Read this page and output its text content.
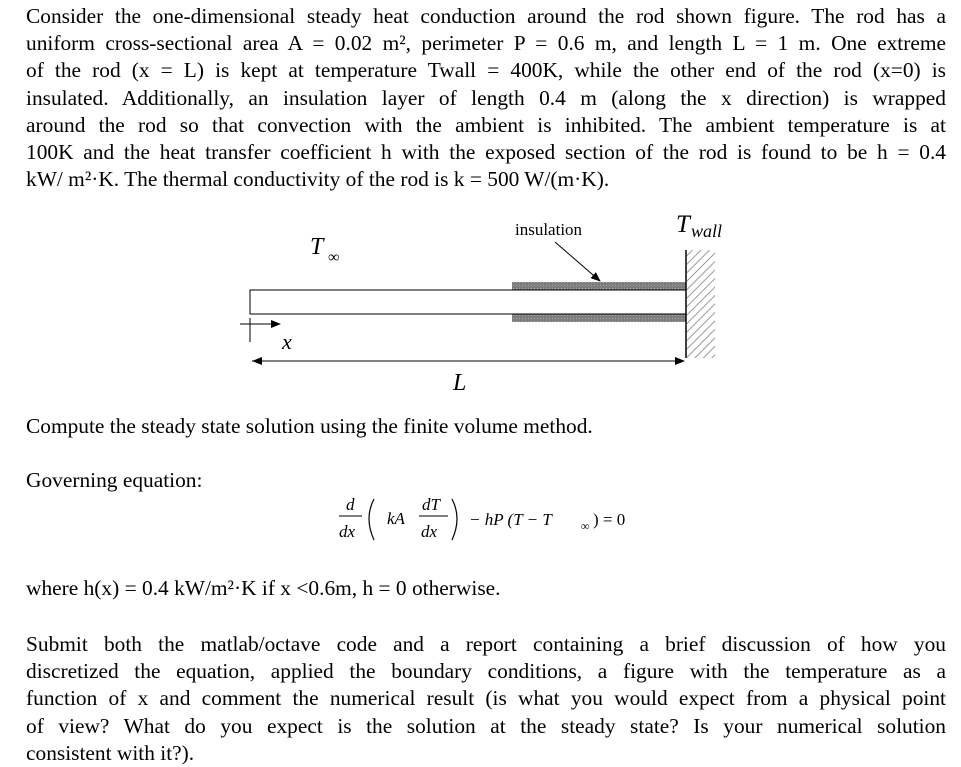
Consider the one-dimensional steady heat conduction around the rod shown figure. The rod has a
uniform cross-sectional area A = 0.02 m², perimeter P = 0.6 m, and length L = 1 m. One extreme
of the rod (x = L) is kept at temperature Twall = 400K, while the other end of the rod (x=0) is
insulated. Additionally, an insulation layer of length 0.4 m (along the x direction) is wrapped
around the rod so that convection with the ambient is inhibited. The ambient temperature is at
100K and the heat transfer coefficient h with the exposed section of the rod is found to be h = 0.4
kW/ m²·K. The thermal conductivity of the rod is k = 500 W/(m·K).
T ∞
insulation	T wall
x
L
Compute the steady state solution using the finite volume method.
Governing equation:
d
dx
kA
dT
dx
− hP (T − T ∞ ) = 0
where h(x) = 0.4 kW/m²·K if x <0.6m, h = 0 otherwise.
Submit both the matlab/octave code and a report containing a brief discussion of how you
discretized the equation, applied the boundary conditions, a figure with the temperature as a
function of x and comment the numerical result (is what you would expect from a physical point
of view? What do you expect is the solution at the steady state? Is your numerical solution
consistent with it?).
